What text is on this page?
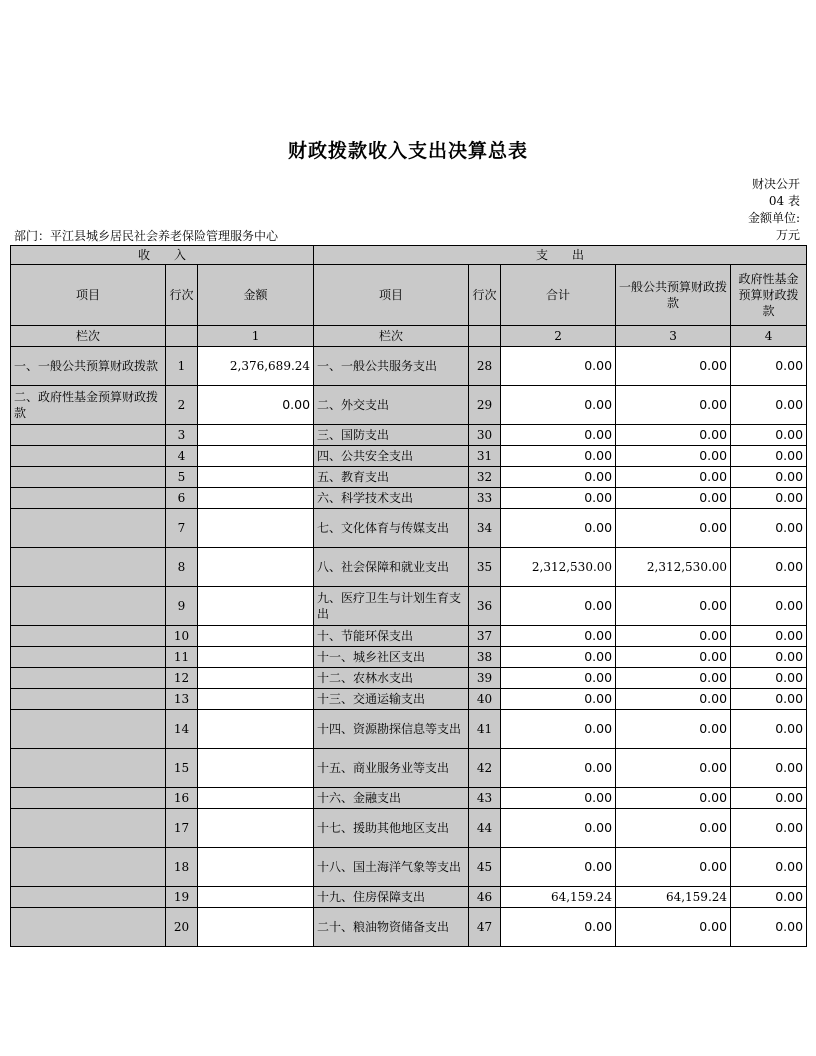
财政拨款收入支出决算总表
财决公开
04 表
金额单位:
万元
部门：平江县城乡居民社会养老保险管理服务中心
收　　入			支　　出				
项目	行次	金额	项目	行次	合计	一般公共预算财政拨款	政府性基金预算财政拨款
栏次		1	栏次		2	3	4
一、一般公共预算财政拨款	1	2,376,689.24	一、一般公共服务支出	28	0.00	0.00	0.00
二、政府性基金预算财政拨款	2	0.00	二、外交支出	29	0.00	0.00	0.00
	3		三、国防支出	30	0.00	0.00	0.00
	4		四、公共安全支出	31	0.00	0.00	0.00
	5		五、教育支出	32	0.00	0.00	0.00
	6		六、科学技术支出	33	0.00	0.00	0.00
	7		七、文化体育与传媒支出	34	0.00	0.00	0.00
	8		八、社会保障和就业支出	35	2,312,530.00	2,312,530.00	0.00
	9		九、医疗卫生与计划生育支出	36	0.00	0.00	0.00
	10		十、节能环保支出	37	0.00	0.00	0.00
	11		十一、城乡社区支出	38	0.00	0.00	0.00
	12		十二、农林水支出	39	0.00	0.00	0.00
	13		十三、交通运输支出	40	0.00	0.00	0.00
	14		十四、资源勘探信息等支出	41	0.00	0.00	0.00
	15		十五、商业服务业等支出	42	0.00	0.00	0.00
	16		十六、金融支出	43	0.00	0.00	0.00
	17		十七、援助其他地区支出	44	0.00	0.00	0.00
	18		十八、国土海洋气象等支出	45	0.00	0.00	0.00
	19		十九、住房保障支出	46	64,159.24	64,159.24	0.00
	20		二十、粮油物资储备支出	47	0.00	0.00	0.00
